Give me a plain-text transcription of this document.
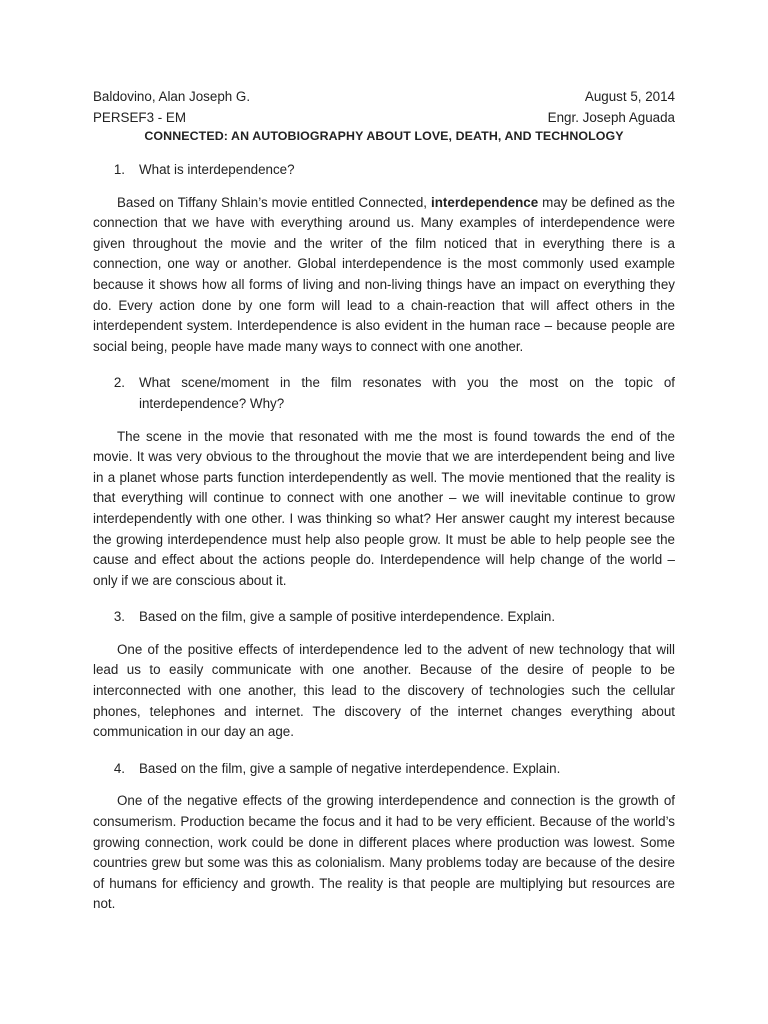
Baldovino, Alan Joseph G.	August 5, 2014
PERSEF3 - EM	Engr. Joseph Aguada
CONNECTED: AN AUTOBIOGRAPHY ABOUT LOVE, DEATH, AND TECHNOLOGY
1.	What is interdependence?

Based on Tiffany Shlain’s movie entitled Connected, interdependence may be defined as the connection that we have with everything around us. Many examples of interdependence were given throughout the movie and the writer of the film noticed that in everything there is a connection, one way or another. Global interdependence is the most commonly used example because it shows how all forms of living and non-living things have an impact on everything they do. Every action done by one form will lead to a chain-reaction that will affect others in the interdependent system. Interdependence is also evident in the human race – because people are social being, people have made many ways to connect with one another.

2.	What scene/moment in the film resonates with you the most on the topic of interdependence? Why?

The scene in the movie that resonated with me the most is found towards the end of the movie. It was very obvious to the throughout the movie that we are interdependent being and live in a planet whose parts function interdependently as well. The movie mentioned that the reality is that everything will continue to connect with one another – we will inevitable continue to grow interdependently with one other. I was thinking so what? Her answer caught my interest because the growing interdependence must help also people grow. It must be able to help people see the cause and effect about the actions people do. Interdependence will help change of the world – only if we are conscious about it.

3.	Based on the film, give a sample of positive interdependence. Explain.

One of the positive effects of interdependence led to the advent of new technology that will lead us to easily communicate with one another. Because of the desire of people to be interconnected with one another, this lead to the discovery of technologies such the cellular phones, telephones and internet. The discovery of the internet changes everything about communication in our day an age.

4.	Based on the film, give a sample of negative interdependence. Explain.

One of the negative effects of the growing interdependence and connection is the growth of consumerism. Production became the focus and it had to be very efficient. Because of the world’s growing connection, work could be done in different places where production was lowest. Some countries grew but some was this as colonialism. Many problems today are because of the desire of humans for efficiency and growth. The reality is that people are multiplying but resources are not.
